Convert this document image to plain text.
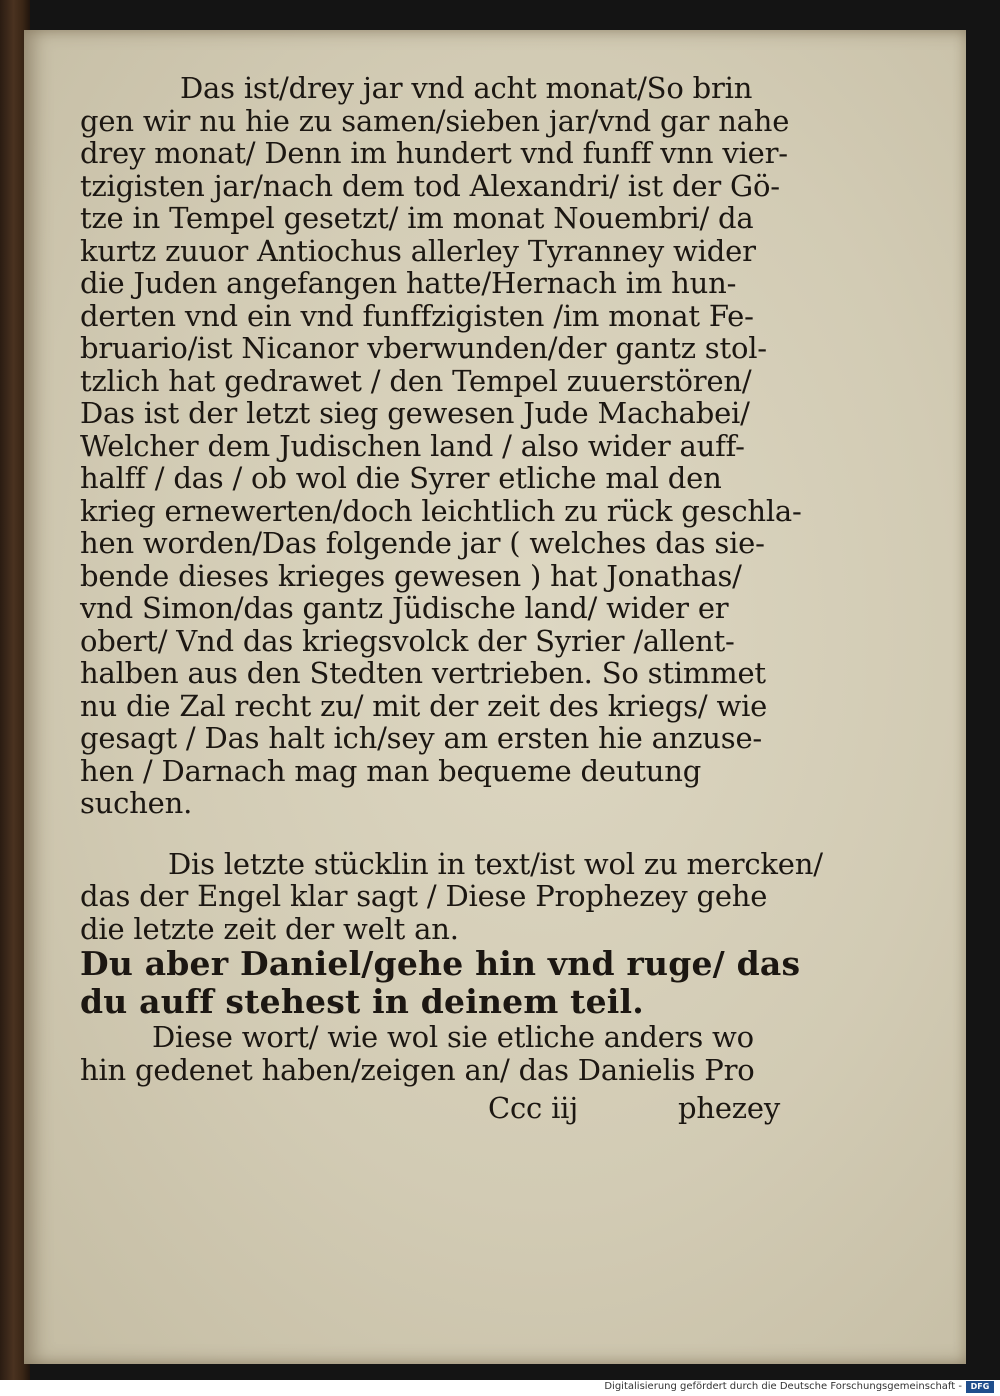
Das ist/drey jar vnd acht monat/So brin
gen wir nu hie zu samen/sieben jar/vnd gar nahe
drey monat/ Denn im hundert vnd funff vnn vier-
tzigisten jar/nach dem tod Alexandri/ ist der Gö-
tze in Tempel gesetzt/ im monat Nouembri/ da
kurtz zuuor Antiochus allerley Tyranney wider
die Juden angefangen hatte/Hernach im hun-
derten vnd ein vnd funffzigisten /im monat Fe-
bruario/ist Nicanor vberwunden/der gantz stol-
tzlich hat gedrawet / den Tempel zuuerstören/
Das ist der letzt sieg gewesen Jude Machabei/
Welcher dem Judischen land / also wider auff-
halff / das / ob wol die Syrer etliche mal den
krieg ernewerten/doch leichtlich zu rück geschla-
hen worden/Das folgende jar ( welches das sie-
bende dieses krieges gewesen ) hat Jonathas/
vnd Simon/das gantz Jüdische land/ wider er
obert/ Vnd das kriegsvolck der Syrier /allent-
halben aus den Stedten vertrieben. So stimmet
nu die Zal recht zu/ mit der zeit des kriegs/ wie
gesagt / Das halt ich/sey am ersten hie anzuse-
hen / Darnach mag man bequeme deutung
suchen.
Dis letzte stücklin in text/ist wol zu mercken/
das der Engel klar sagt / Diese Prophezey gehe
die letzte zeit der welt an.
Du aber Daniel/gehe hin vnd ruge/ das
du auff stehest in deinem teil.
Diese wort/ wie wol sie etliche anders wo
hin gedenet haben/zeigen an/ das Danielis Pro
Ccc iij	phezey
Digitalisierung gefördert durch die Deutsche Forschungsgemeinschaft -	DFG
